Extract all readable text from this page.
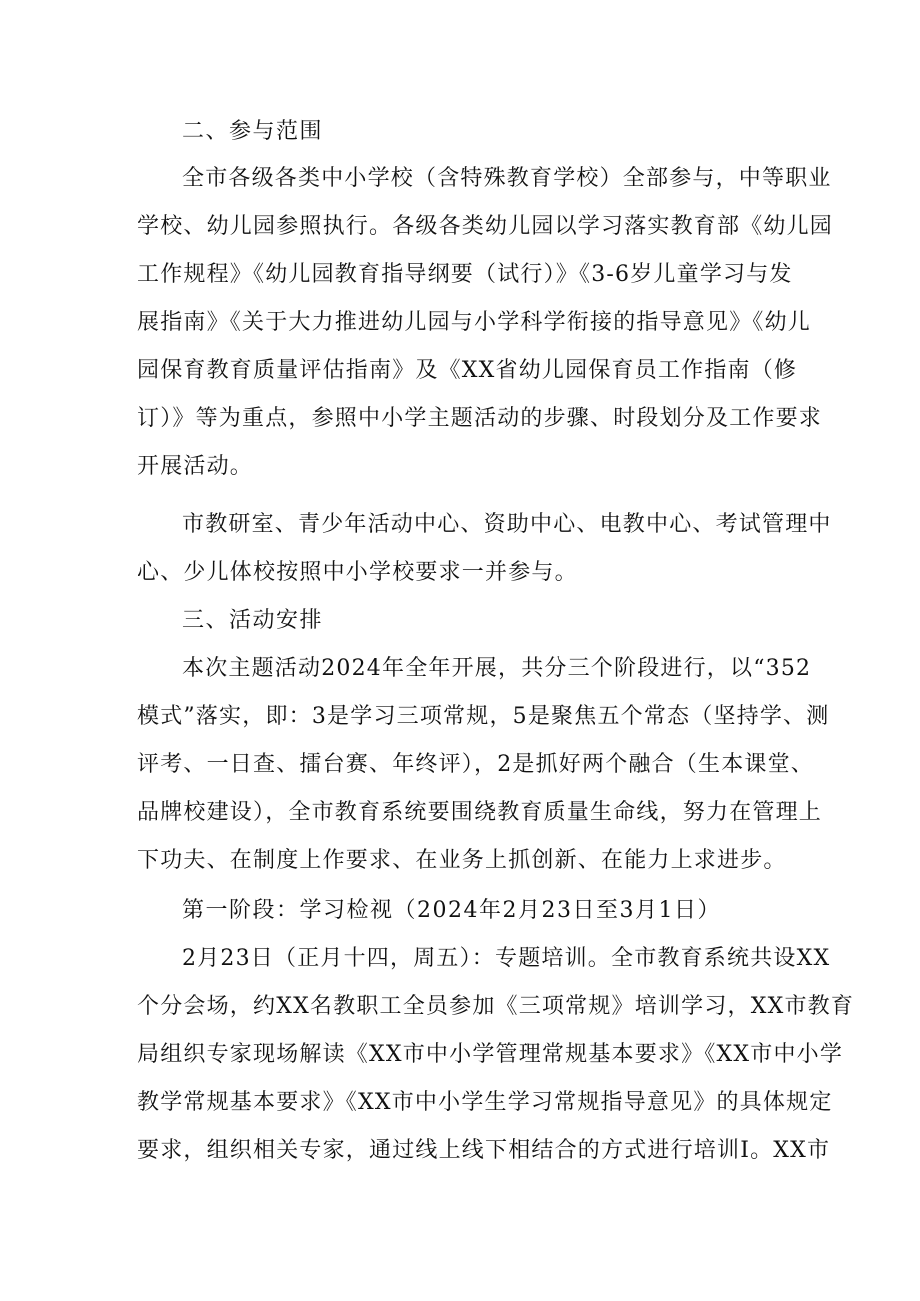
二、参与范围
全市各级各类中小学校（含特殊教育学校）全部参与，中等职业
学校、幼儿园参照执行。各级各类幼儿园以学习落实教育部《幼儿园
工作规程》《幼儿园教育指导纲要（试行）》《3-6岁儿童学习与发
展指南》《关于大力推进幼儿园与小学科学衔接的指导意见》《幼儿
园保育教育质量评估指南》及《XX省幼儿园保育员工作指南（修
订）》等为重点，参照中小学主题活动的步骤、时段划分及工作要求
开展活动。
市教研室、青少年活动中心、资助中心、电教中心、考试管理中
心、少儿体校按照中小学校要求一并参与。
三、活动安排
本次主题活动2024年全年开展，共分三个阶段进行，以“352
模式”落实，即：3是学习三项常规，5是聚焦五个常态（坚持学、测
评考、一日查、擂台赛、年终评），2是抓好两个融合（生本课堂、
品牌校建设），全市教育系统要围绕教育质量生命线，努力在管理上
下功夫、在制度上作要求、在业务上抓创新、在能力上求进步。
第一阶段：学习检视（2024年2月23日至3月1日）
2月23日（正月十四，周五）：专题培训。全市教育系统共设XX
个分会场，约XX名教职工全员参加《三项常规》培训学习，XX市教育
局组织专家现场解读《XX市中小学管理常规基本要求》《XX市中小学
教学常规基本要求》《XX市中小学生学习常规指导意见》的具体规定
要求，组织相关专家，通过线上线下相结合的方式进行培训I。XX市
